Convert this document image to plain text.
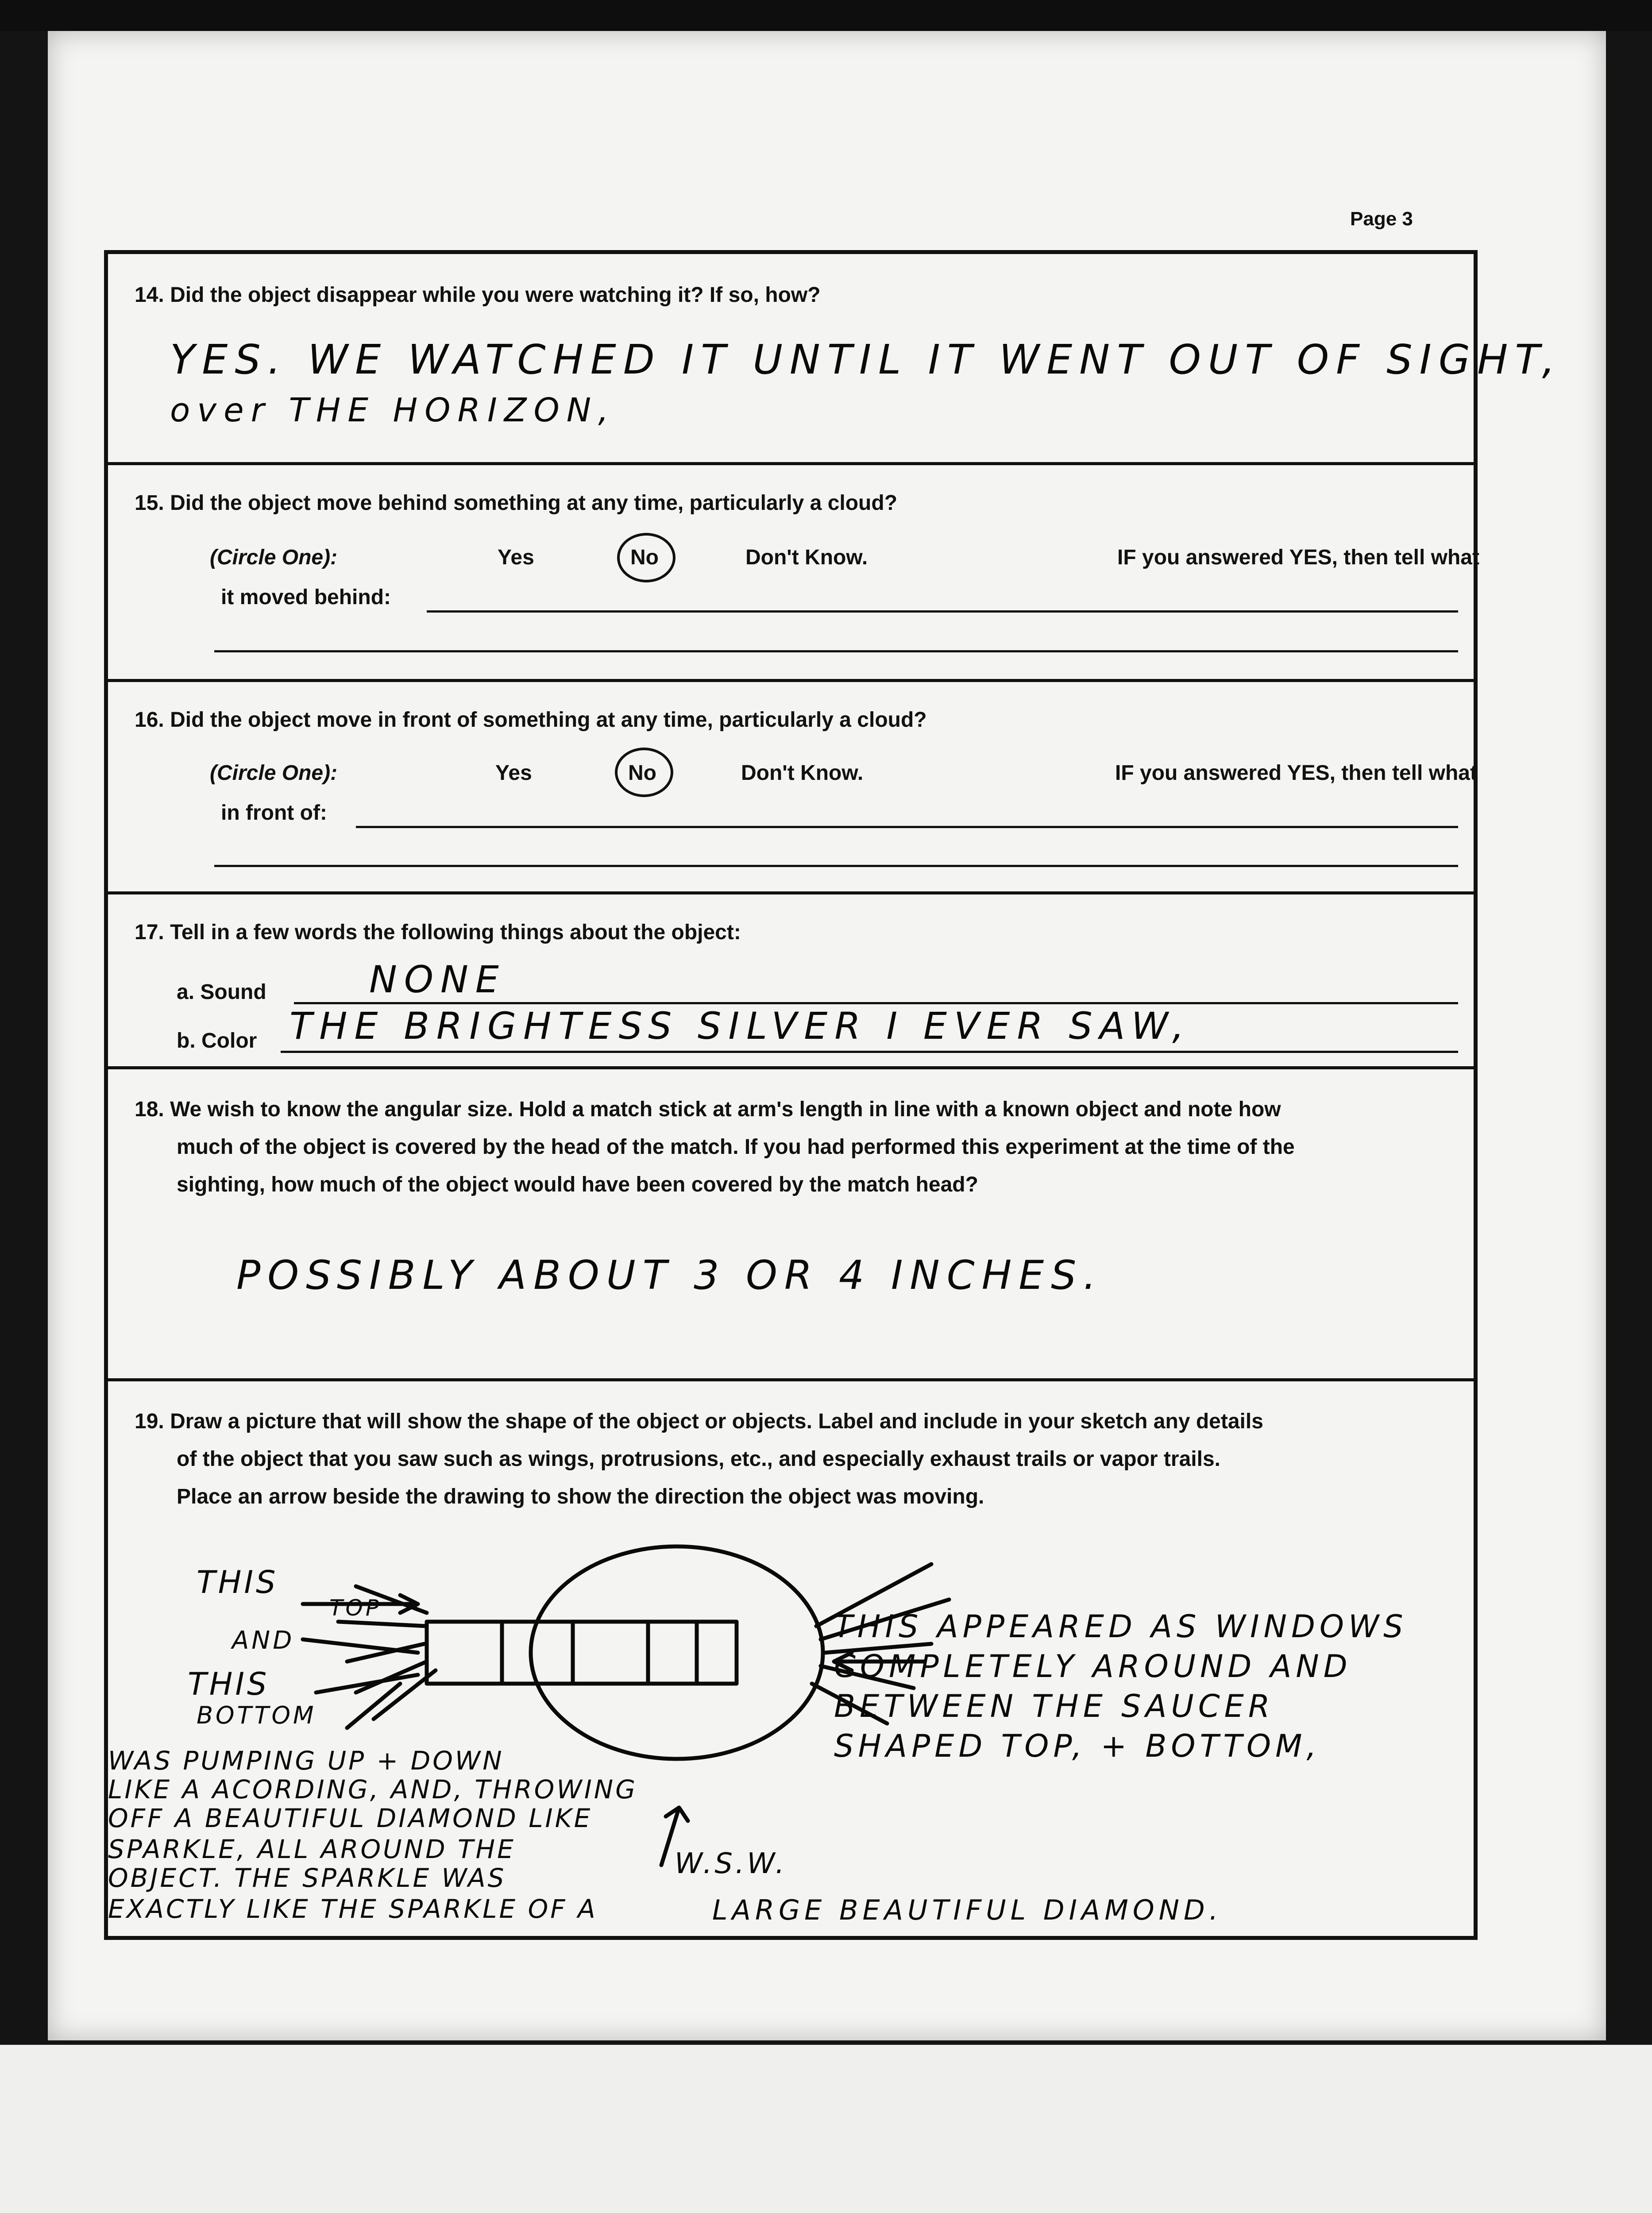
Page 3
14. Did the object disappear while you were watching it? If so, how?
YES. WE WATCHED IT UNTIL IT WENT OUT OF SIGHT,
over THE HORIZON,
15. Did the object move behind something at any time, particularly a cloud?
(Circle One):	Yes	No	Don't Know.	IF you answered YES, then tell what
it moved behind:
16. Did the object move in front of something at any time, particularly a cloud?
(Circle One):	Yes	No	Don't Know.	IF you answered YES, then tell what
in front of:
17. Tell in a few words the following things about the object:
a. Sound	NONE
b. Color THE BRIGHTESS SILVER I EVER SAW,
18. We wish to know the angular size. Hold a match stick at arm's length in line with a known object and note how
much of the object is covered by the head of the match. If you had performed this experiment at the time of the
sighting, how much of the object would have been covered by the match head?
POSSIBLY ABOUT 3 OR 4 INCHES.
19. Draw a picture that will show the shape of the object or objects. Label and include in your sketch any details
of the object that you saw such as wings, protrusions, etc., and especially exhaust trails or vapor trails.
Place an arrow beside the drawing to show the direction the object was moving.
THIS
TOP
AND
THIS
BOTTOM
THIS APPEARED AS WINDOWS
COMPLETELY AROUND AND
BETWEEN THE SAUCER
SHAPED TOP, + BOTTOM,
WAS PUMPING UP + DOWN
LIKE A ACORDING, AND, THROWING
OFF A BEAUTIFUL DIAMOND LIKE
SPARKLE, ALL AROUND THE
OBJECT. THE SPARKLE WAS
EXACTLY LIKE THE SPARKLE OF A
W.S.W.
LARGE BEAUTIFUL DIAMOND.
